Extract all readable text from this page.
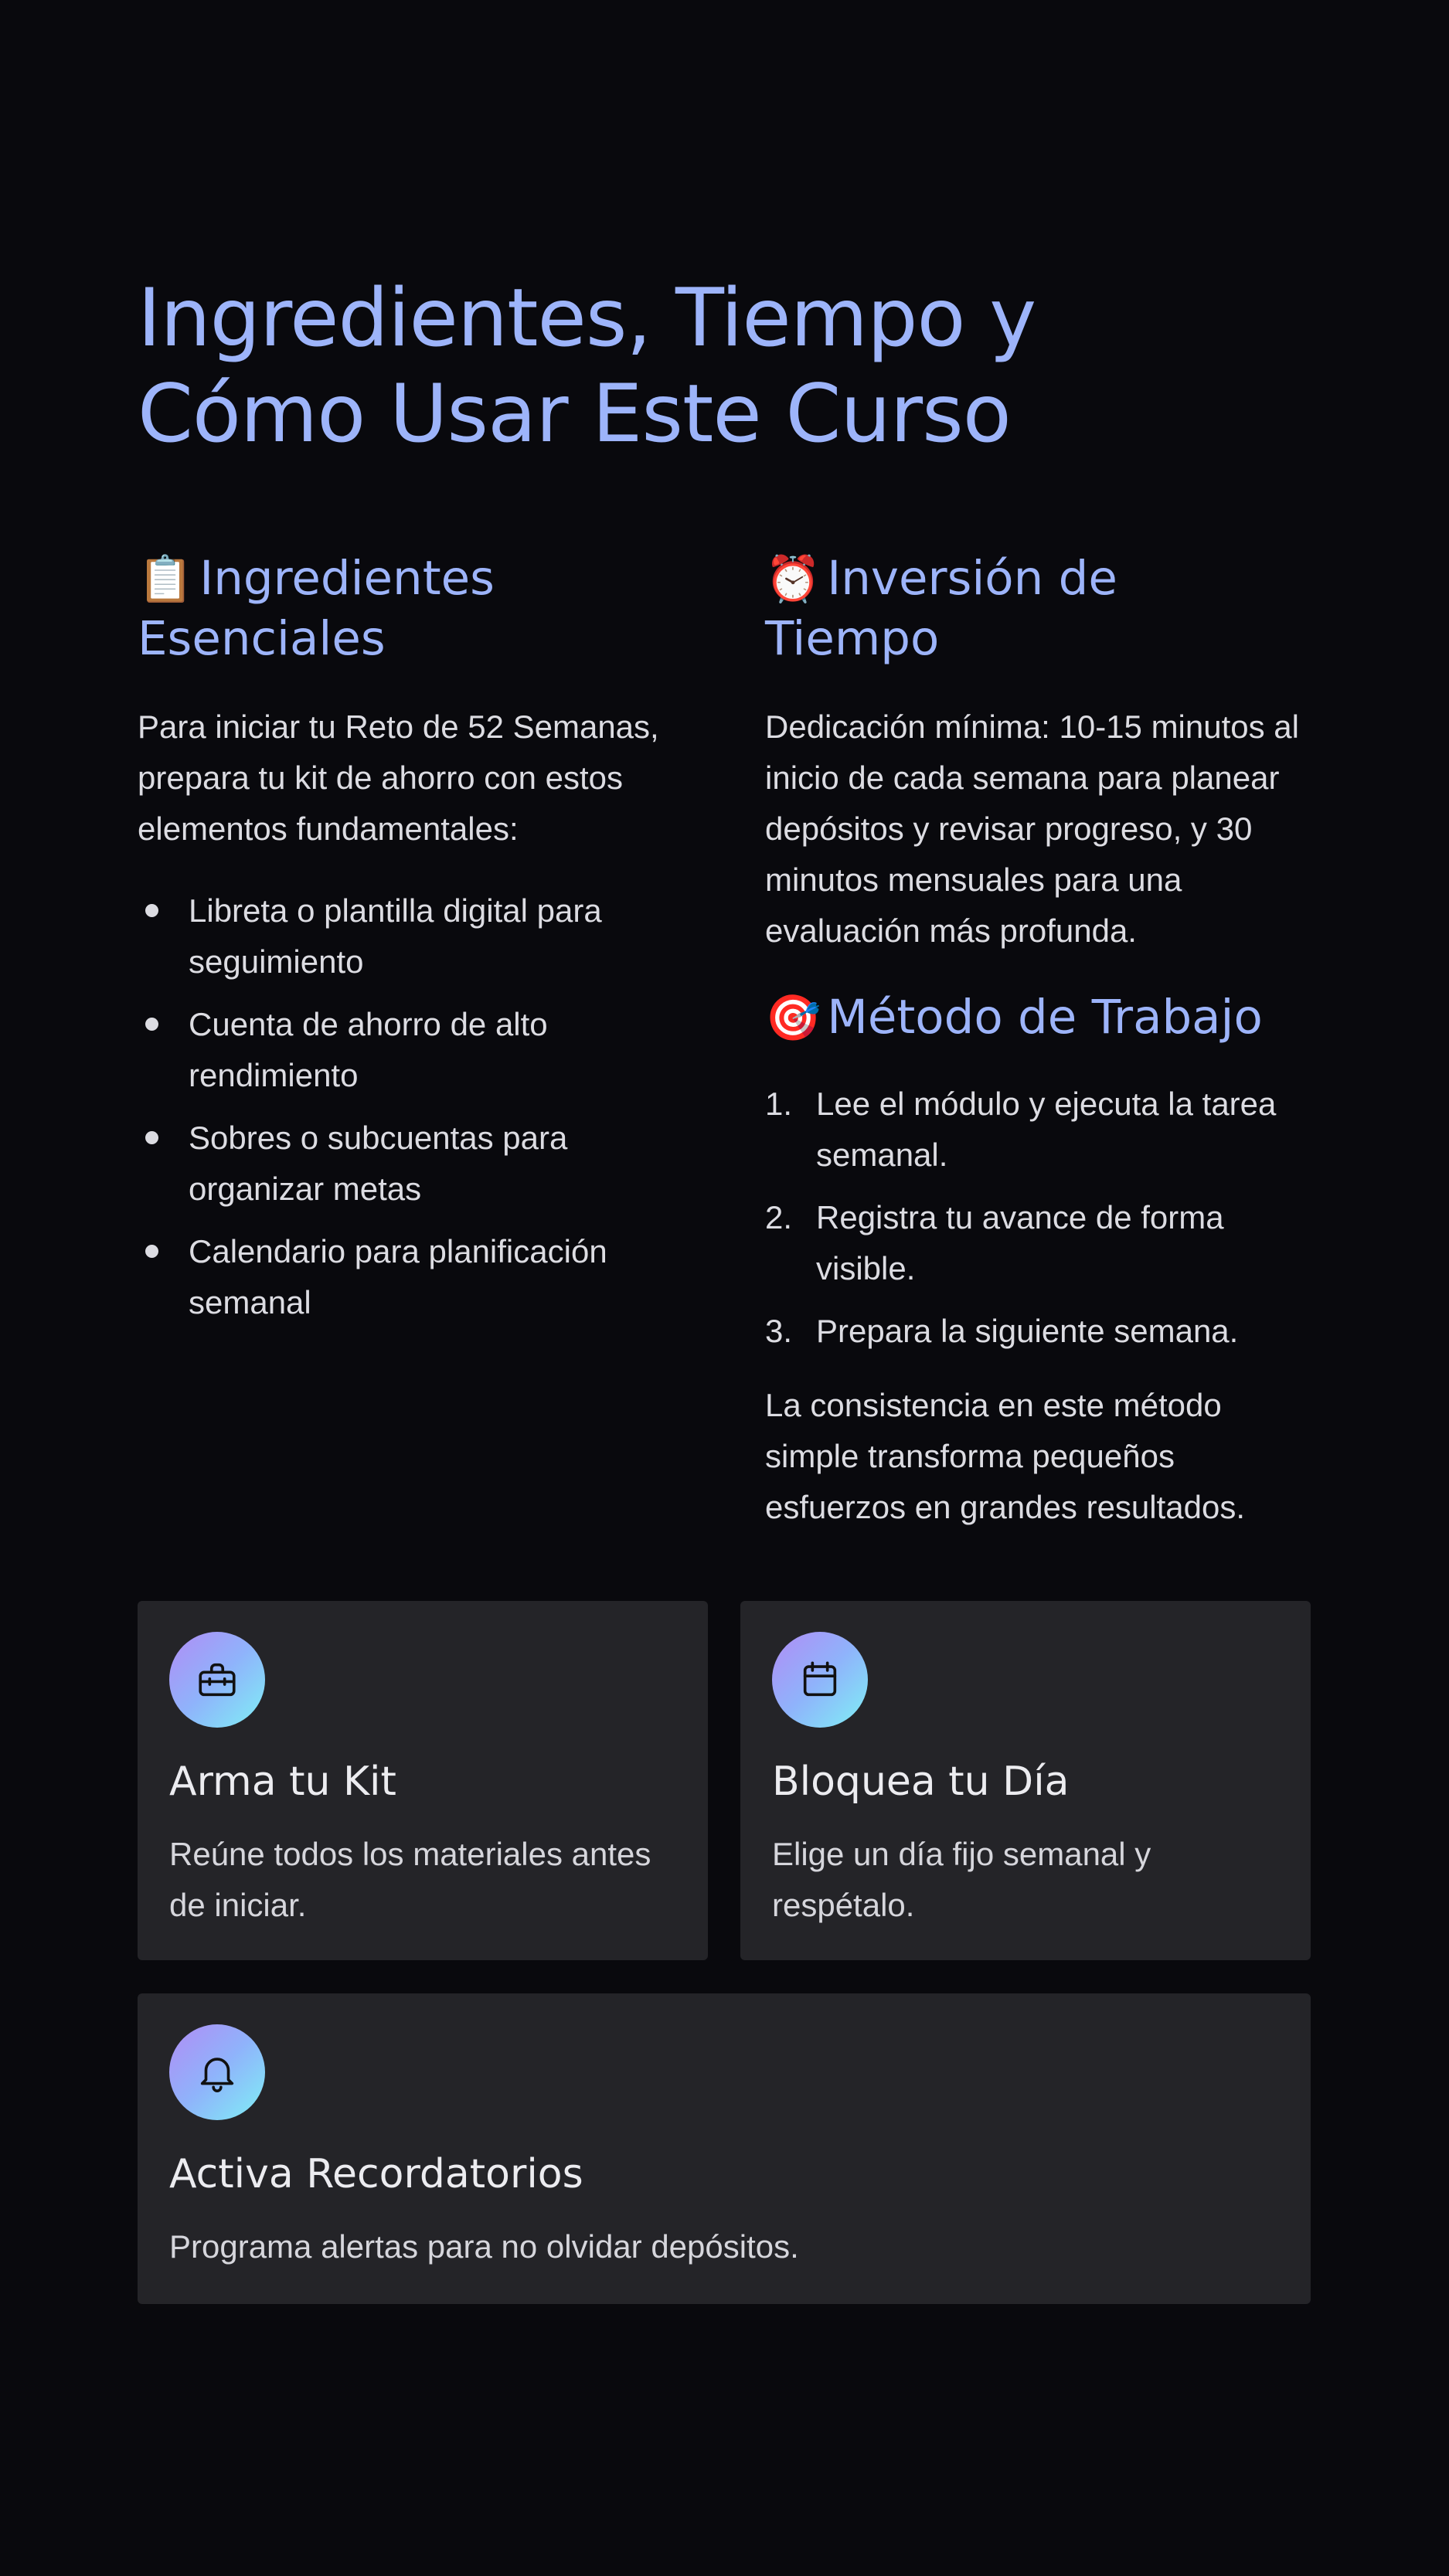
Ingredientes, Tiempo y Cómo Usar Este Curso
📋 Ingredientes Esenciales

Para iniciar tu Reto de 52 Semanas, prepara tu kit de ahorro con estos elementos fundamentales:

Libreta o plantilla digital para seguimiento
Cuenta de ahorro de alto rendimiento
Sobres o subcuentas para organizar metas
Calendario para planificación semanal
⏰ Inversión de Tiempo

Dedicación mínima: 10-15 minutos al inicio de cada semana para planear depósitos y revisar progreso, y 30 minutos mensuales para una evaluación más profunda.

🎯 Método de Trabajo
1. Lee el módulo y ejecuta la tarea semanal.
2. Registra tu avance de forma visible.
3. Prepara la siguiente semana.

La consistencia en este método simple transforma pequeños esfuerzos en grandes resultados.

Arma tu Kit

Reúne todos los materiales antes de iniciar.

Bloquea tu Día

Elige un día fijo semanal y respétalo.

Activa Recordatorios

Programa alertas para no olvidar depósitos.
